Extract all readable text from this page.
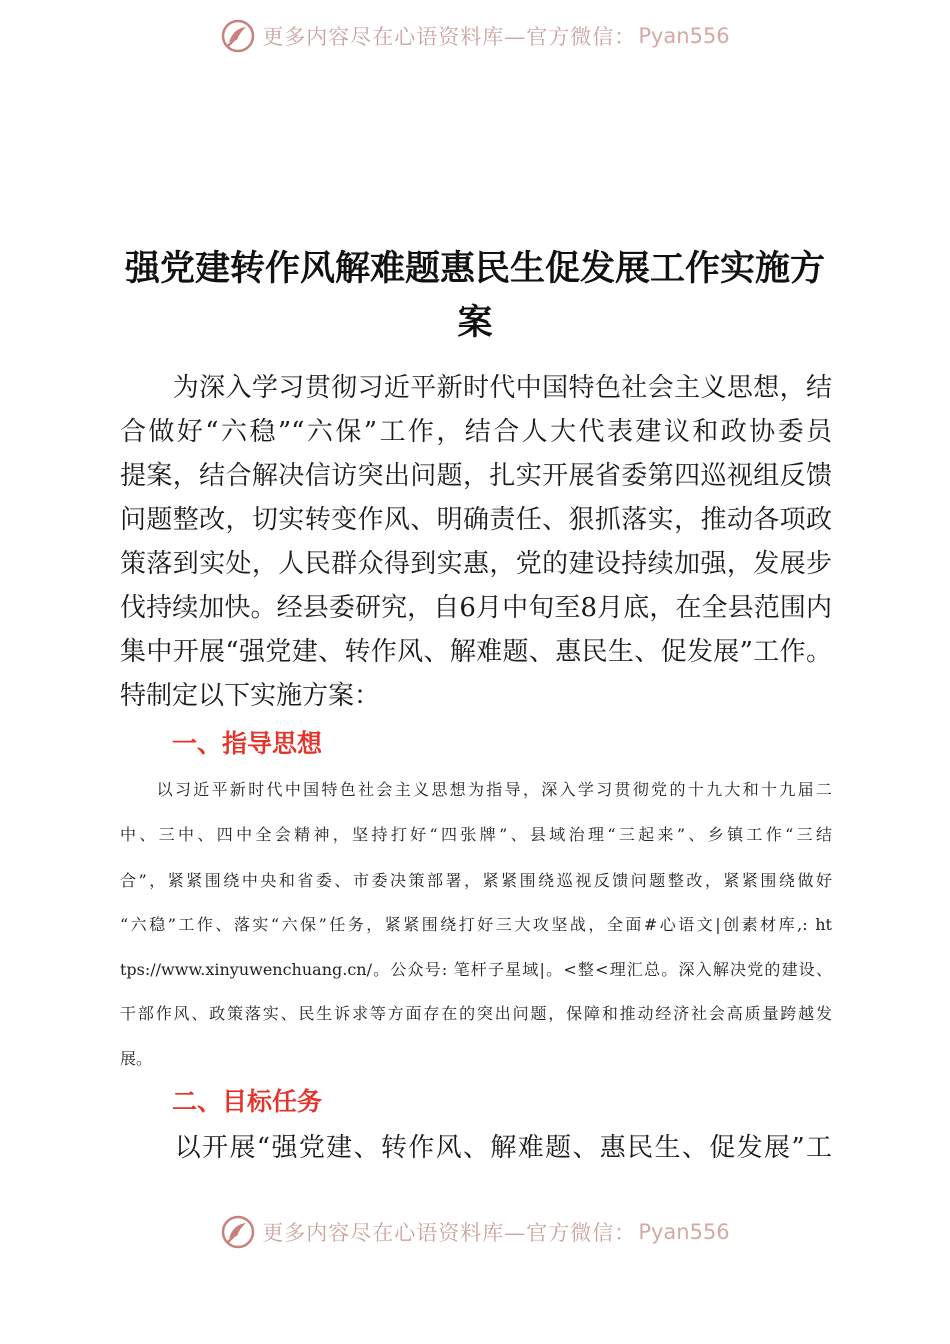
更多内容尽在心语资料库—官方微信： Pyan556
强党建转作风解难题惠民生促发展工作实施方
案
　　为深入学习贯彻习近平新时代中国特色社会主义思想，结
合做好“六稳”“六保”工作，结合人大代表建议和政协委员
提案，结合解决信访突出问题，扎实开展省委第四巡视组反馈
问题整改，切实转变作风、明确责任、狠抓落实，推动各项政
策落到实处，人民群众得到实惠，党的建设持续加强，发展步
伐持续加快。经县委研究，自6月中旬至8月底，在全县范围内
集中开展“强党建、转作风、解难题、惠民生、促发展”工作。
特制定以下实施方案：
一、指导思想
　　以习近平新时代中国特色社会主义思想为指导，深入学习贯彻党的十九大和十九届二
中、三中、四中全会精神，坚持打好“四张牌”、县域治理“三起来”、乡镇工作“三结
合”，紧紧围绕中央和省委、市委决策部署，紧紧围绕巡视反馈问题整改，紧紧围绕做好
“六稳”工作、落实“六保”任务，紧紧围绕打好三大攻坚战，全面#心语文|创素材库,: ht
tps://www.xinyuwenchuang.cn/。公众号: 笔杆子星域|。<整<理汇总。深入解决党的建设、
干部作风、政策落实、民生诉求等方面存在的突出问题，保障和推动经济社会高质量跨越发
展。
二、目标任务
　　以开展“强党建、转作风、解难题、惠民生、促发展”工
更多内容尽在心语资料库—官方微信： Pyan556
